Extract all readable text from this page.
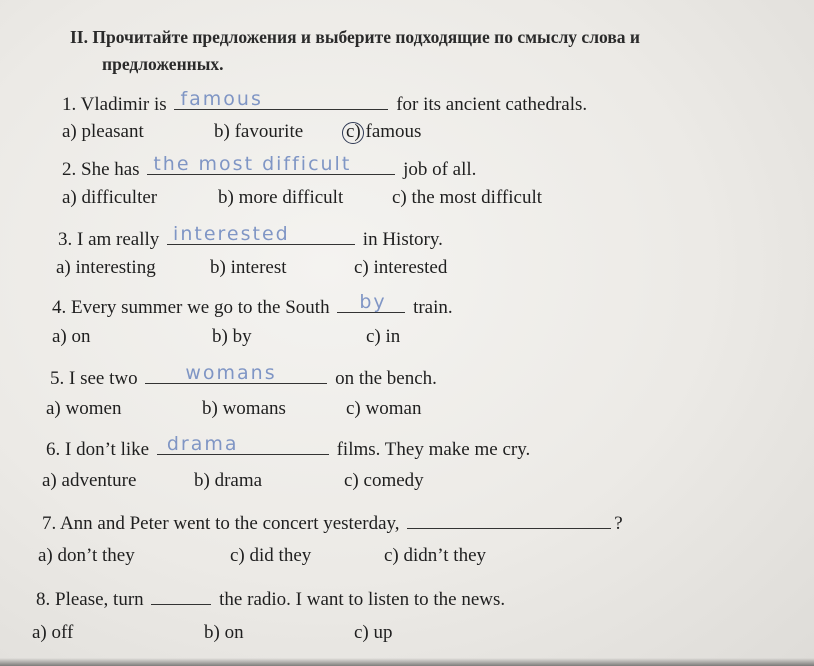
II. Прочитайте предложения и выберите подходящие по смыслу слова и
предложенных.
1. Vladimir is famous	for its ancient cathedrals.
a) pleasant	b) favourite c) famous
2. She has the most difficult	job of all.
a) difficulter	b) more difficult	c) the most difficult
3. I am really interested	in History.
a) interesting	b) interest	c) interested
4. Every summer we go to the South by train.
a) on	b) by	c) in
5. I see two	womans	on the bench.
a) women	b) womans	c) woman
6. I don’t like drama	films. They make me cry.
a) adventure	b) drama	c) comedy
7. Ann and Peter went to the concert yesterday,	?
a) don’t they	c) did they	c) didn’t they
8. Please, turn	the radio. I want to listen to the news.
a) off	b) on	c) up
